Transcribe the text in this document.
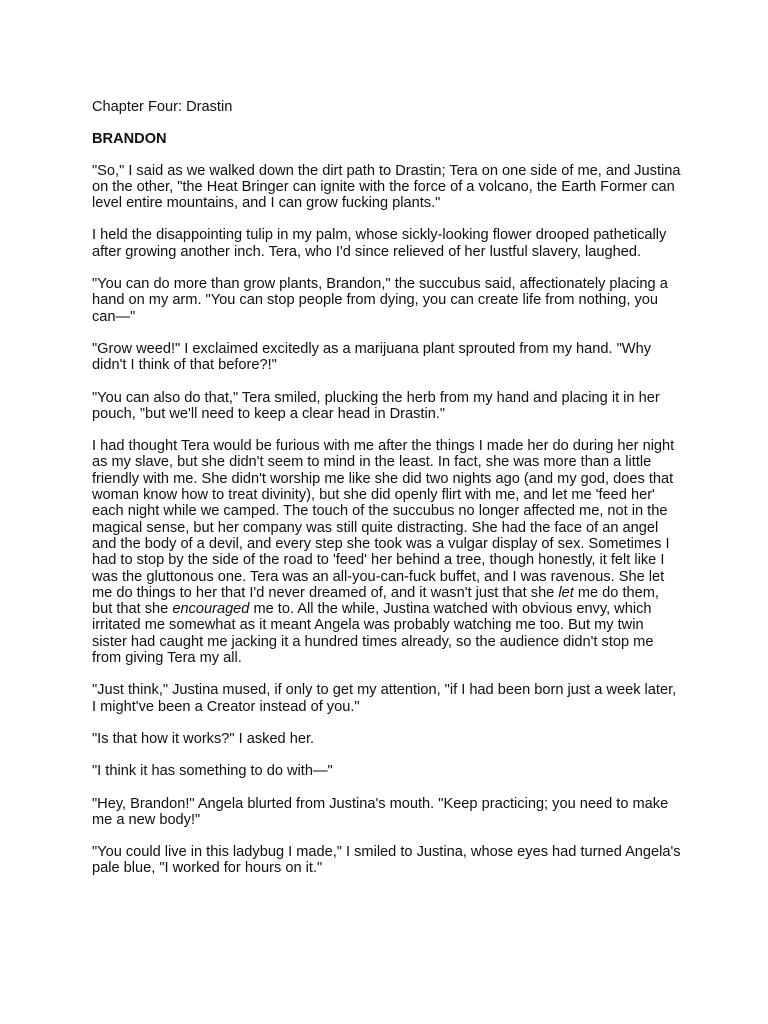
Chapter Four: Drastin
BRANDON

"So," I said as we walked down the dirt path to Drastin; Tera on one side of me, and Justina on the other, "the Heat Bringer can ignite with the force of a volcano, the Earth Former can level entire mountains, and I can grow fucking plants."

I held the disappointing tulip in my palm, whose sickly-looking flower drooped pathetically after growing another inch. Tera, who I'd since relieved of her lustful slavery, laughed.

"You can do more than grow plants, Brandon," the succubus said, affectionately placing a hand on my arm. "You can stop people from dying, you can create life from nothing, you can—"

"Grow weed!" I exclaimed excitedly as a marijuana plant sprouted from my hand. "Why didn't I think of that before?!"

"You can also do that," Tera smiled, plucking the herb from my hand and placing it in her pouch, "but we'll need to keep a clear head in Drastin."

I had thought Tera would be furious with me after the things I made her do during her night as my slave, but she didn't seem to mind in the least. In fact, she was more than a little friendly with me. She didn't worship me like she did two nights ago (and my god, does that woman know how to treat divinity), but she did openly flirt with me, and let me 'feed her' each night while we camped. The touch of the succubus no longer affected me, not in the magical sense, but her company was still quite distracting. She had the face of an angel and the body of a devil, and every step she took was a vulgar display of sex. Sometimes I had to stop by the side of the road to 'feed' her behind a tree, though honestly, it felt like I was the gluttonous one. Tera was an all-you-can-fuck buffet, and I was ravenous. She let me do things to her that I'd never dreamed of, and it wasn't just that she let me do them, but that she encouraged me to. All the while, Justina watched with obvious envy, which irritated me somewhat as it meant Angela was probably watching me too. But my twin sister had caught me jacking it a hundred times already, so the audience didn't stop me from giving Tera my all.

"Just think," Justina mused, if only to get my attention, "if I had been born just a week later, I might've been a Creator instead of you."

"Is that how it works?" I asked her.

"I think it has something to do with—"

"Hey, Brandon!" Angela blurted from Justina's mouth. "Keep practicing; you need to make me a new body!"

"You could live in this ladybug I made," I smiled to Justina, whose eyes had turned Angela's pale blue, "I worked for hours on it."
